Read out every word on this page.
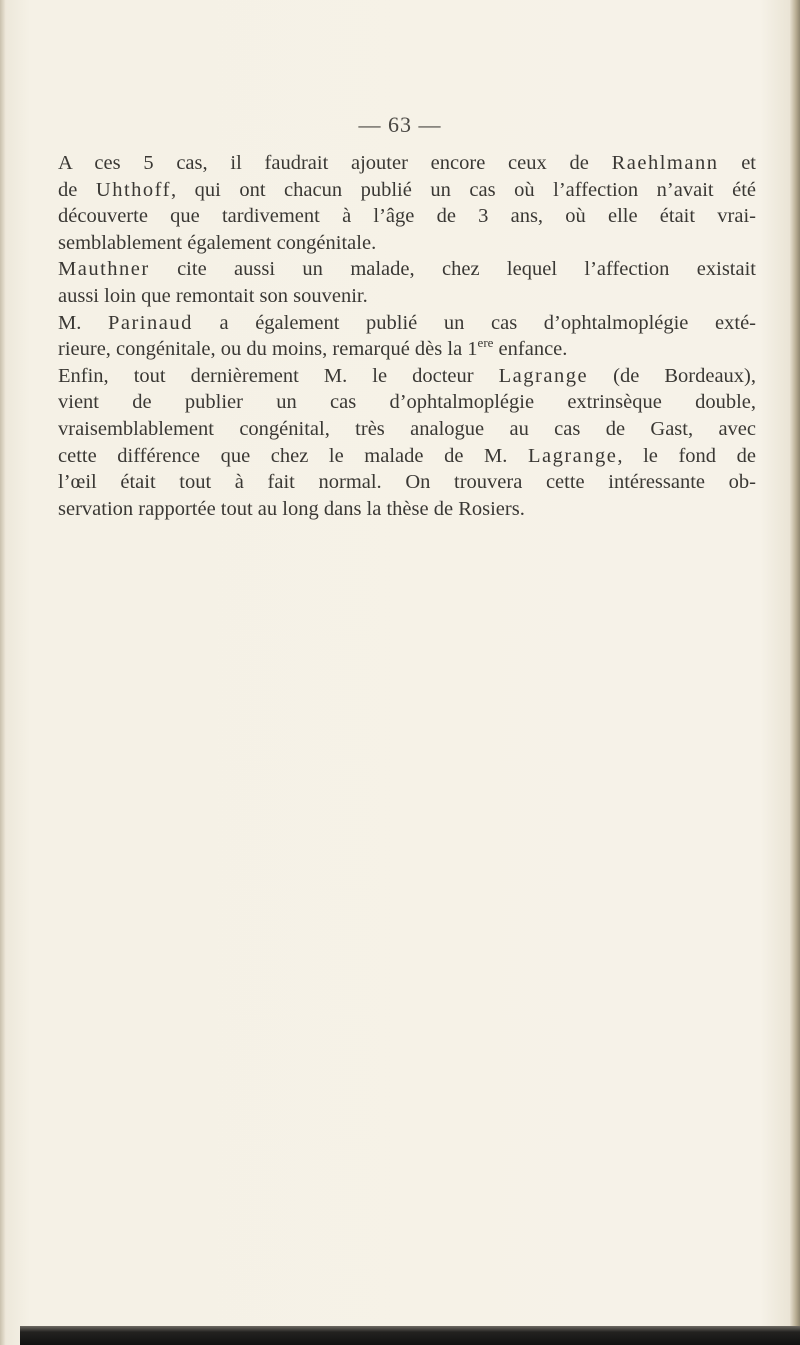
— 63 —

A ces 5 cas, il faudrait ajouter encore ceux de Raehlmann et
de Uhthoff, qui ont chacun publié un cas où l’affection n’avait été
découverte que tardivement à l’âge de 3 ans, où elle était vrai-
semblablement également congénitale.

Mauthner cite aussi un malade, chez lequel l’affection existait
aussi loin que remontait son souvenir.

M. Parinaud a également publié un cas d’ophtalmoplégie exté-
rieure, congénitale, ou du moins, remarqué dès la 1ere enfance.

Enfin, tout dernièrement M. le docteur Lagrange (de Bordeaux),
vient de publier un cas d’ophtalmoplégie extrinsèque double,
vraisemblablement congénital, très analogue au cas de Gast, avec
cette différence que chez le malade de M. Lagrange, le fond de
l’œil était tout à fait normal. On trouvera cette intéressante ob-
servation rapportée tout au long dans la thèse de Rosiers.
